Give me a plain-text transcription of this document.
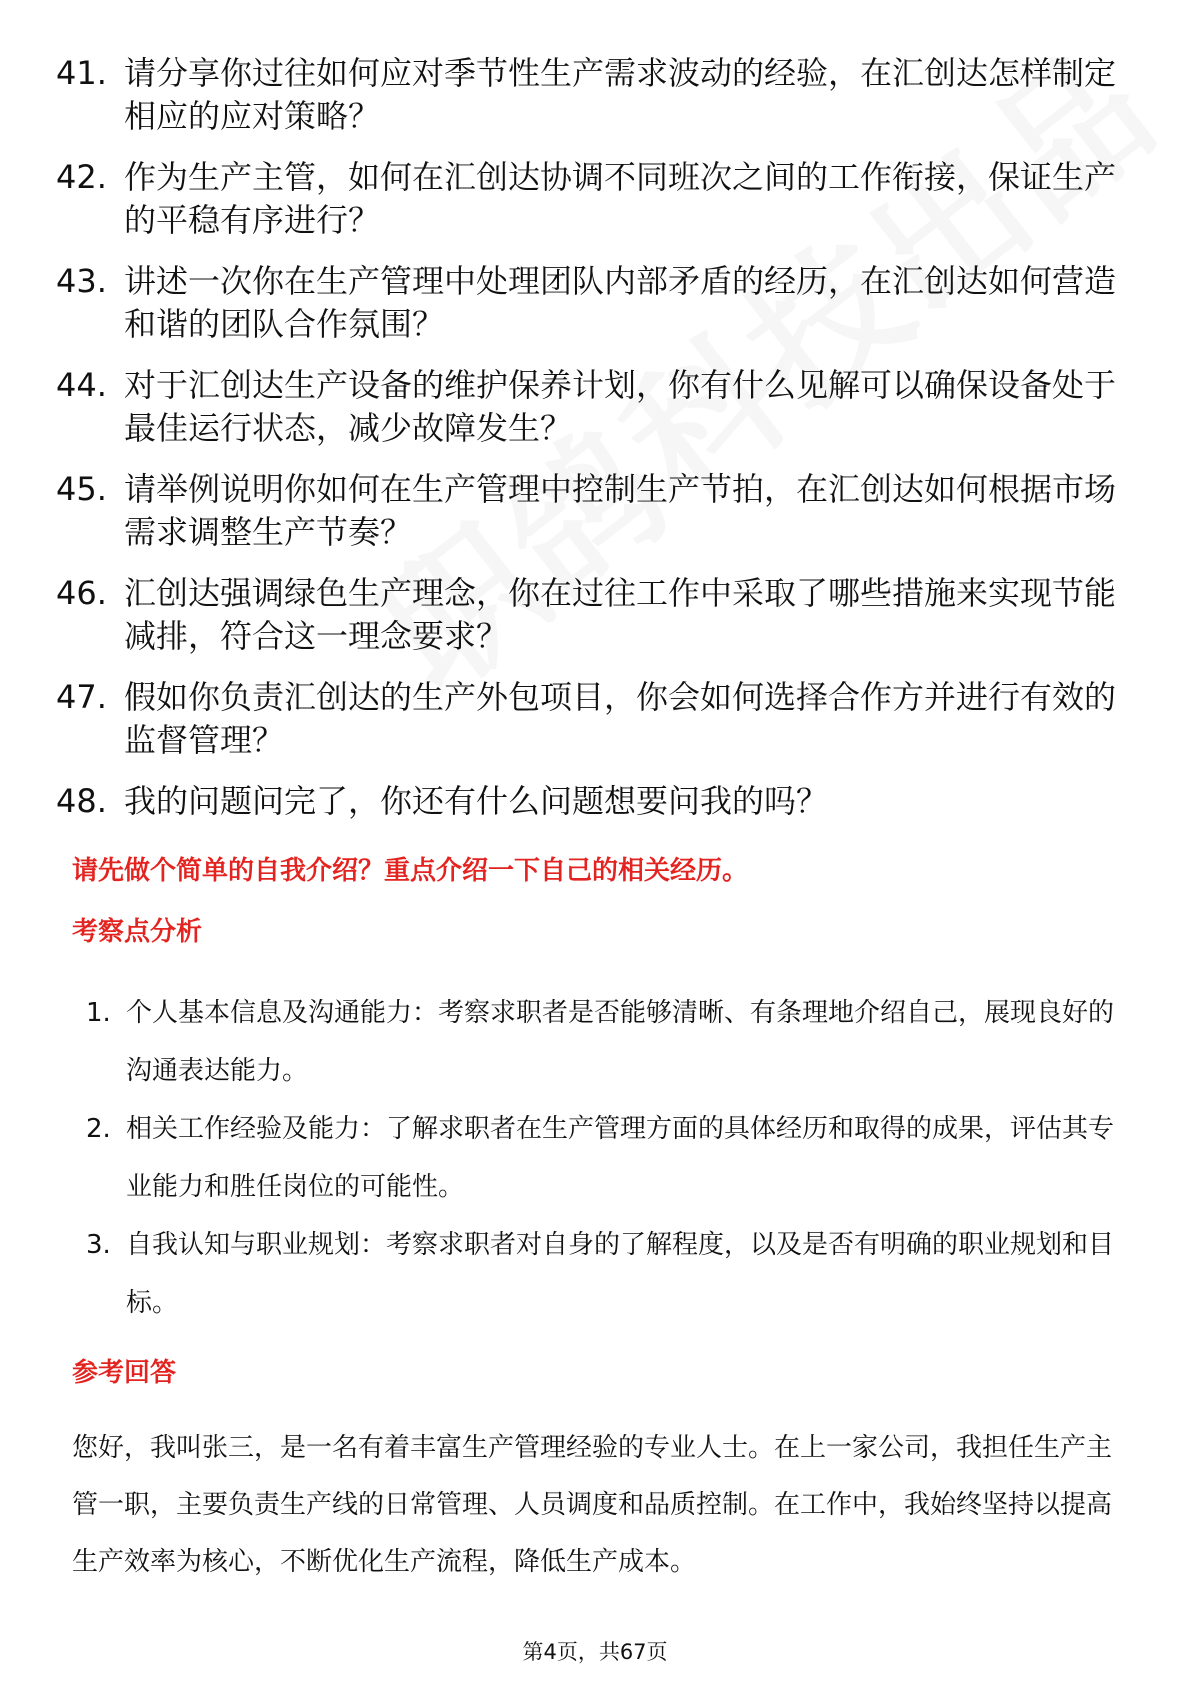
41. 请分享你过往如何应对季节性生产需求波动的经验，在汇创达怎样制定相应的应对策略？
42. 作为生产主管，如何在汇创达协调不同班次之间的工作衔接，保证生产的平稳有序进行？
43. 讲述一次你在生产管理中处理团队内部矛盾的经历，在汇创达如何营造和谐的团队合作氛围？
44. 对于汇创达生产设备的维护保养计划，你有什么见解可以确保设备处于最佳运行状态，减少故障发生？
45. 请举例说明你如何在生产管理中控制生产节拍，在汇创达如何根据市场需求调整生产节奏？
46. 汇创达强调绿色生产理念，你在过往工作中采取了哪些措施来实现节能减排，符合这一理念要求？
47. 假如你负责汇创达的生产外包项目，你会如何选择合作方并进行有效的监督管理？
48. 我的问题问完了，你还有什么问题想要问我的吗？
请先做个简单的自我介绍？重点介绍一下自己的相关经历。
考察点分析
1. 个人基本信息及沟通能力：考察求职者是否能够清晰、有条理地介绍自己，展现良好的沟通表达能力。
2. 相关工作经验及能力：了解求职者在生产管理方面的具体经历和取得的成果，评估其专业能力和胜任岗位的可能性。
3. 自我认知与职业规划：考察求职者对自身的了解程度，以及是否有明确的职业规划和目标。
参考回答

您好，我叫张三，是一名有着丰富生产管理经验的专业人士。在上一家公司，我担任生产主管一职，主要负责生产线的日常管理、人员调度和品质控制。在工作中，我始终坚持以提高生产效率为核心，不断优化生产流程，降低生产成本。

第4页，共67页
